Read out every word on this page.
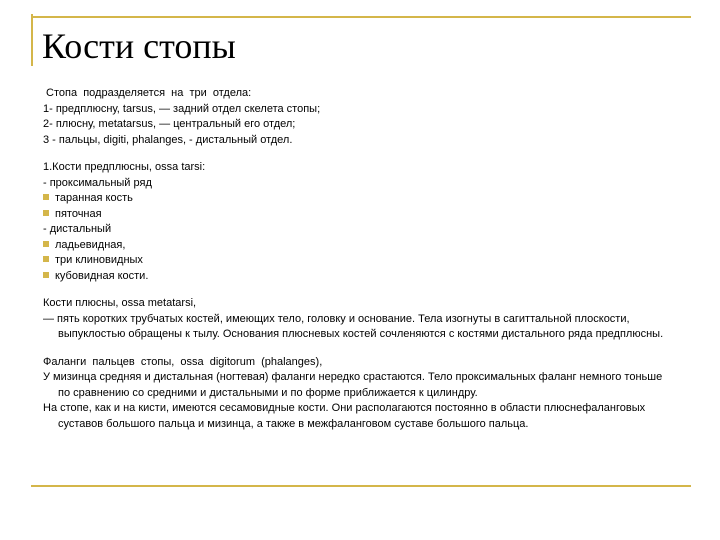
Кости стопы
Стопа  подразделяется  на  три  отдела:
1- предплюсну, tarsus, — задний отдел скелета стопы;
2- плюсну, metatarsus, — центральный его отдел;
3 - пальцы, digiti, phalanges, - дистальный отдел.
1.Кости предплюсны, ossa tarsi:
- проксимальный ряд
таранная кость
пяточная
- дистальный
ладьевидная,
три клиновидных
кубовидная кости.
Кости плюсны, ossa metatarsi,
— пять коротких трубчатых костей, имеющих тело, головку и основание. Тела изогнуты в сагиттальной плоскости, выпуклостью обращены к тылу. Основания плюсневых костей сочленяются с костями дистального ряда предплюсны.
Фаланги  пальцев  стопы,  ossa  digitorum  (phalanges),
У мизинца средняя и дистальная (ногтевая) фаланги нередко срастаются. Тело проксимальных фаланг немного тоньше по сравнению со средними и дистальными и по форме приближается к цилиндру.
На стопе, как и на кисти, имеются сесамовидные кости. Они располагаются постоянно в области плюснефаланговых суставов большого пальца и мизинца, а также в межфаланговом суставе большого пальца.
